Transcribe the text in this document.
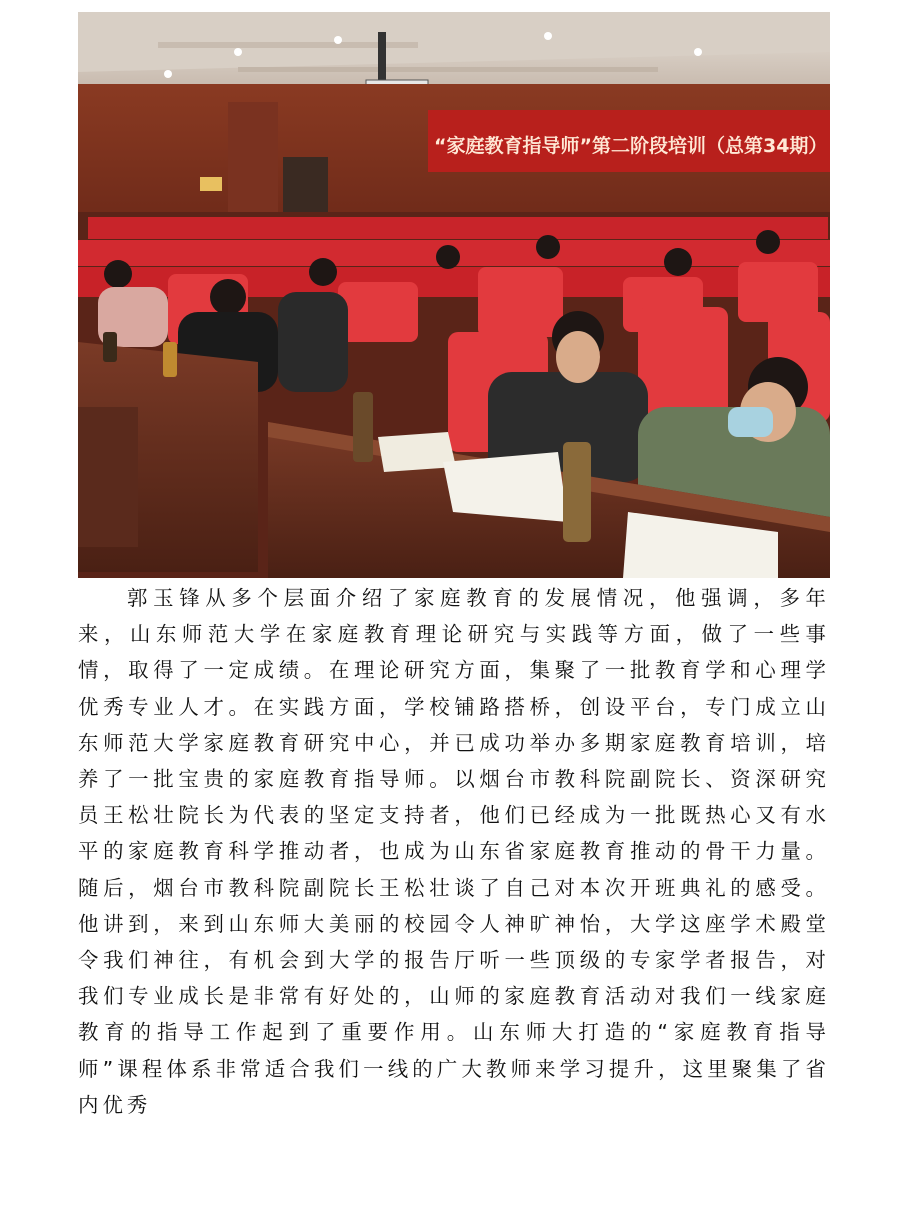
“家庭教育指导师”第二阶段培训（总第34期）

郭玉锋从多个层面介绍了家庭教育的发展情况，他强调，多年来，山东师范大学在家庭教育理论研究与实践等方面，做了一些事情，取得了一定成绩。在理论研究方面，集聚了一批教育学和心理学优秀专业人才。在实践方面，学校铺路搭桥，创设平台，专门成立山东师范大学家庭教育研究中心，并已成功举办多期家庭教育培训，培养了一批宝贵的家庭教育指导师。以烟台市教科院副院长、资深研究员王松壮院长为代表的坚定支持者，他们已经成为一批既热心又有水平的家庭教育科学推动者，也成为山东省家庭教育推动的骨干力量。随后，烟台市教科院副院长王松壮谈了自己对本次开班典礼的感受。他讲到，来到山东师大美丽的校园令人神旷神怡，大学这座学术殿堂令我们神往，有机会到大学的报告厅听一些顶级的专家学者报告，对我们专业成长是非常有好处的，山师的家庭教育活动对我们一线家庭教育的指导工作起到了重要作用。山东师大打造的“家庭教育指导师”课程体系非常适合我们一线的广大教师来学习提升，这里聚集了省内优秀
